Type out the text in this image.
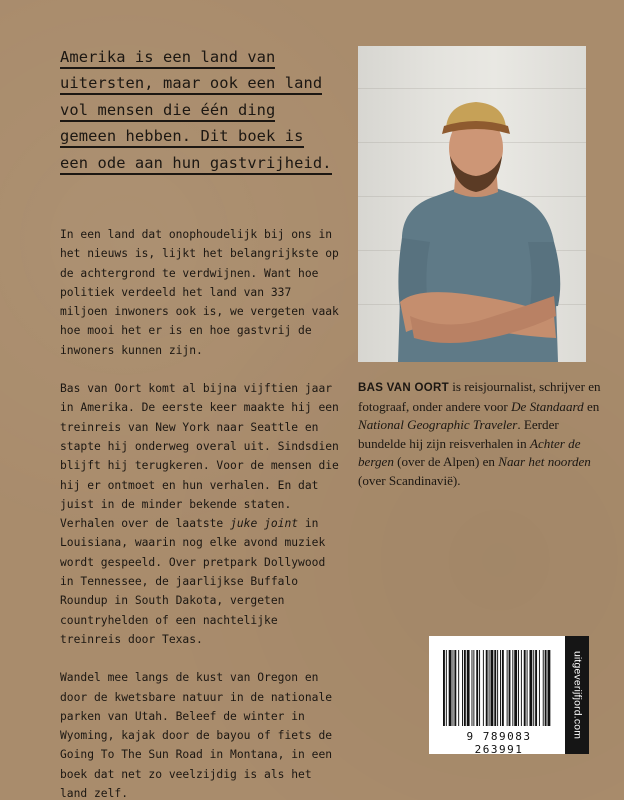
Amerika is een land van
uitersten, maar ook een land
vol mensen die één ding
gemeen hebben. Dit boek is
een ode aan hun gastvrijheid.

In een land dat onophoudelijk bij ons in het nieuws is, lijkt het belangrijkste op de achtergrond te verdwijnen. Want hoe politiek verdeeld het land van 337 miljoen inwoners ook is, we vergeten vaak hoe mooi het er is en hoe gastvrij de inwoners kunnen zijn.

Bas van Oort komt al bijna vijftien jaar in Amerika. De eerste keer maakte hij een treinreis van New York naar Seattle en stapte hij onderweg overal uit. Sindsdien blijft hij terugkeren. Voor de mensen die hij er ontmoet en hun verhalen. En dat juist in de minder bekende staten.

Verhalen over de laatste juke joint in Louisiana, waarin nog elke avond muziek wordt gespeeld. Over pretpark Dollywood in Tennessee, de jaarlijkse Buffalo Roundup in South Dakota, vergeten countryhelden of een nachtelijke treinreis door Texas.

Wandel mee langs de kust van Oregon en door de kwetsbare natuur in de nationale parken van Utah. Beleef de winter in Wyoming, kajak door de bayou of fiets de Going To The Sun Road in Montana, in een boek dat net zo veelzijdig is als het land zelf.

BAS VAN OORT is reisjournalist, schrijver en fotograaf, onder andere voor De Standaard en National Geographic Traveler. Eerder bundelde hij zijn reisverhalen in Achter de bergen (over de Alpen) en Naar het noorden (over Scandinavië).
9 789083 263991
uitgeverijfjord.com
